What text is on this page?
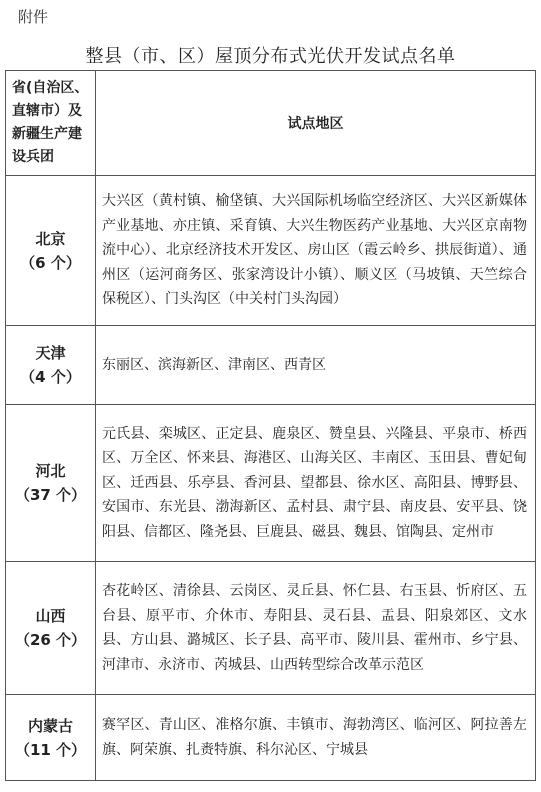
附件
整县（市、区）屋顶分布式光伏开发试点名单
省(自治区、
直辖市）及
新疆生产建
设兵团	试点地区

北京
（6 个）	大兴区（黄村镇、榆垡镇、大兴国际机场临空经济区、大兴区新媒体产业基地、亦庄镇、采育镇、大兴生物医药产业基地、大兴区京南物流中心）、北京经济技术开发区、房山区（霞云岭乡、拱辰街道）、通州区（运河商务区、张家湾设计小镇）、顺义区（马坡镇、天竺综合保税区）、门头沟区（中关村门头沟园）

天津
（4 个）	东丽区、滨海新区、津南区、西青区

河北
（37 个）	元氏县、栾城区、正定县、鹿泉区、赞皇县、兴隆县、平泉市、桥西区、万全区、怀来县、海港区、山海关区、丰南区、玉田县、曹妃甸区、迁西县、乐亭县、香河县、望都县、徐水区、高阳县、博野县、安国市、东光县、渤海新区、孟村县、肃宁县、南皮县、安平县、饶阳县、信都区、隆尧县、巨鹿县、磁县、魏县、馆陶县、定州市

山西
（26 个）	杏花岭区、清徐县、云岗区、灵丘县、怀仁县、右玉县、忻府区、五台县、原平市、介休市、寿阳县、灵石县、盂县、阳泉郊区、文水县、方山县、潞城区、长子县、高平市、陵川县、霍州市、乡宁县、河津市、永济市、芮城县、山西转型综合改革示范区

内蒙古
（11 个）	赛罕区、青山区、准格尔旗、丰镇市、海勃湾区、临河区、阿拉善左旗、阿荣旗、扎赉特旗、科尔沁区、宁城县
